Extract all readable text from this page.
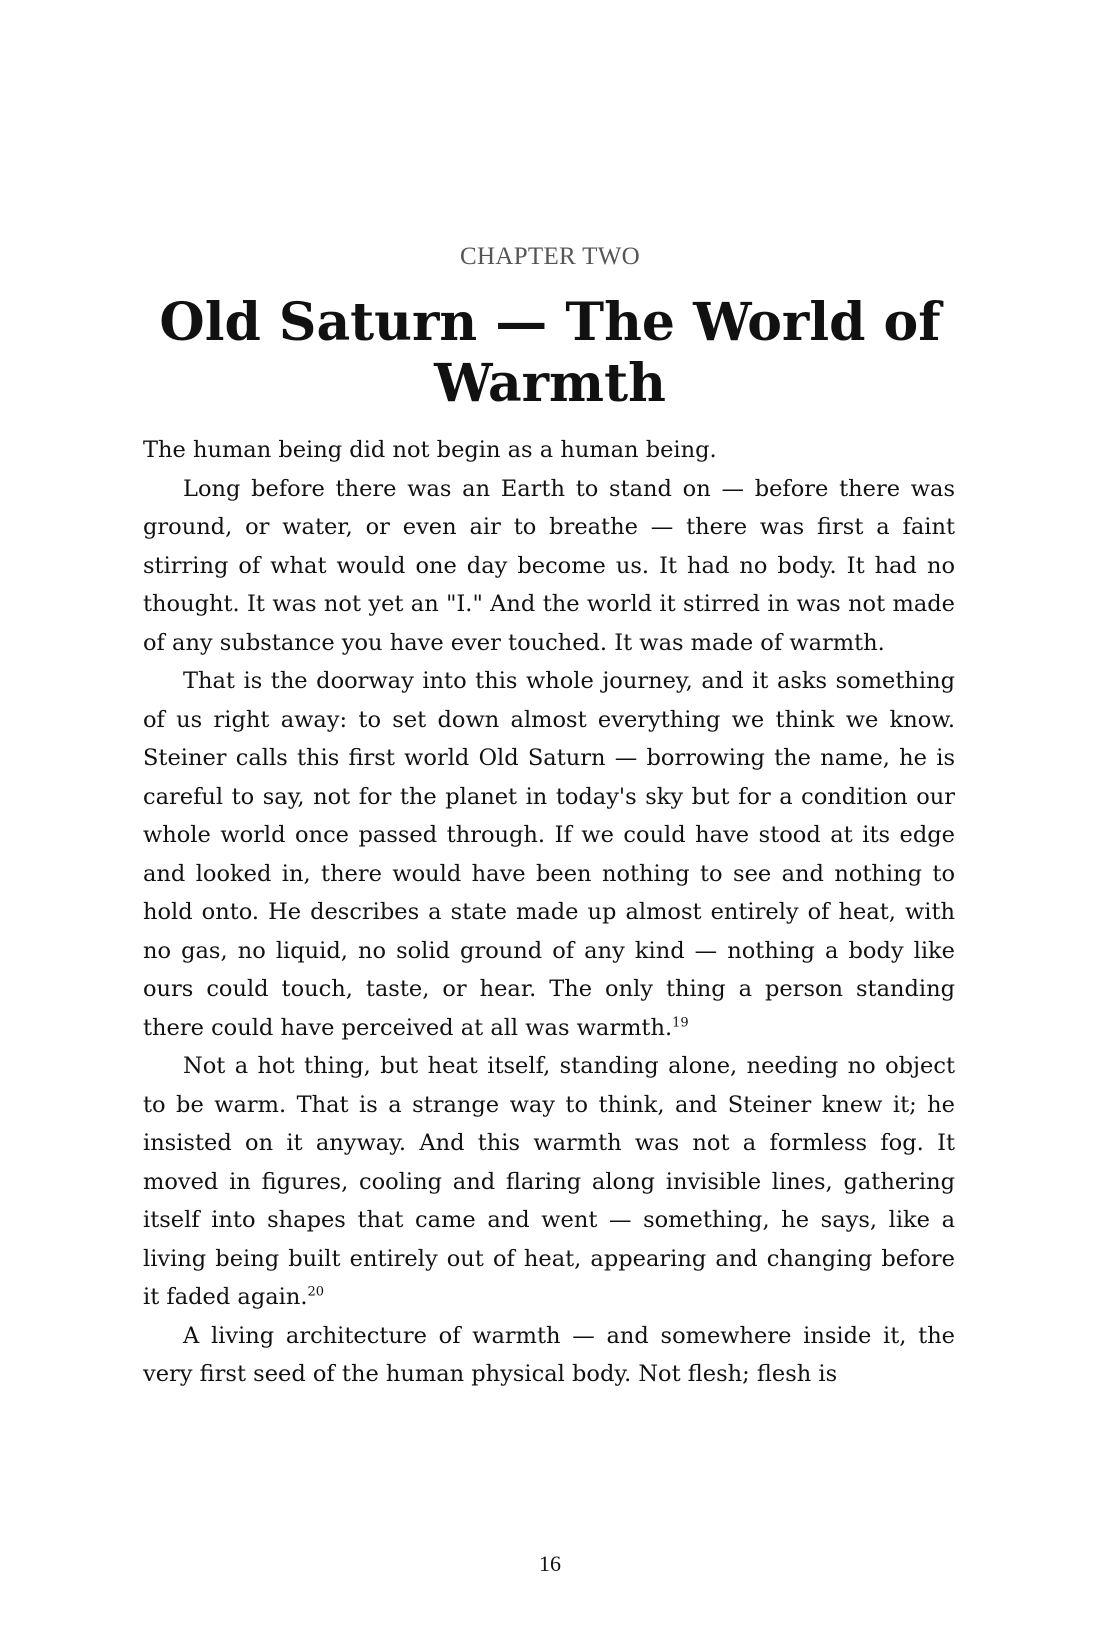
CHAPTER TWO
Old Saturn — The World of Warmth

The human being did not begin as a human being.

Long before there was an Earth to stand on — before there was ground, or water, or even air to breathe — there was first a faint stirring of what would one day become us. It had no body. It had no thought. It was not yet an "I." And the world it stirred in was not made of any substance you have ever touched. It was made of warmth.

That is the doorway into this whole journey, and it asks something of us right away: to set down almost everything we think we know. Steiner calls this first world Old Saturn — borrowing the name, he is careful to say, not for the planet in today's sky but for a condition our whole world once passed through. If we could have stood at its edge and looked in, there would have been nothing to see and nothing to hold onto. He describes a state made up almost entirely of heat, with no gas, no liquid, no solid ground of any kind — nothing a body like ours could touch, taste, or hear. The only thing a person standing there could have perceived at all was warmth.$^{19}$

Not a hot thing, but heat itself, standing alone, needing no object to be warm. That is a strange way to think, and Steiner knew it; he insisted on it anyway. And this warmth was not a formless fog. It moved in figures, cooling and flaring along invisible lines, gathering itself into shapes that came and went — something, he says, like a living being built entirely out of heat, appearing and changing before it faded again.$^{20}$

A living architecture of warmth — and somewhere inside it, the very first seed of the human physical body. Not flesh; flesh is

16
